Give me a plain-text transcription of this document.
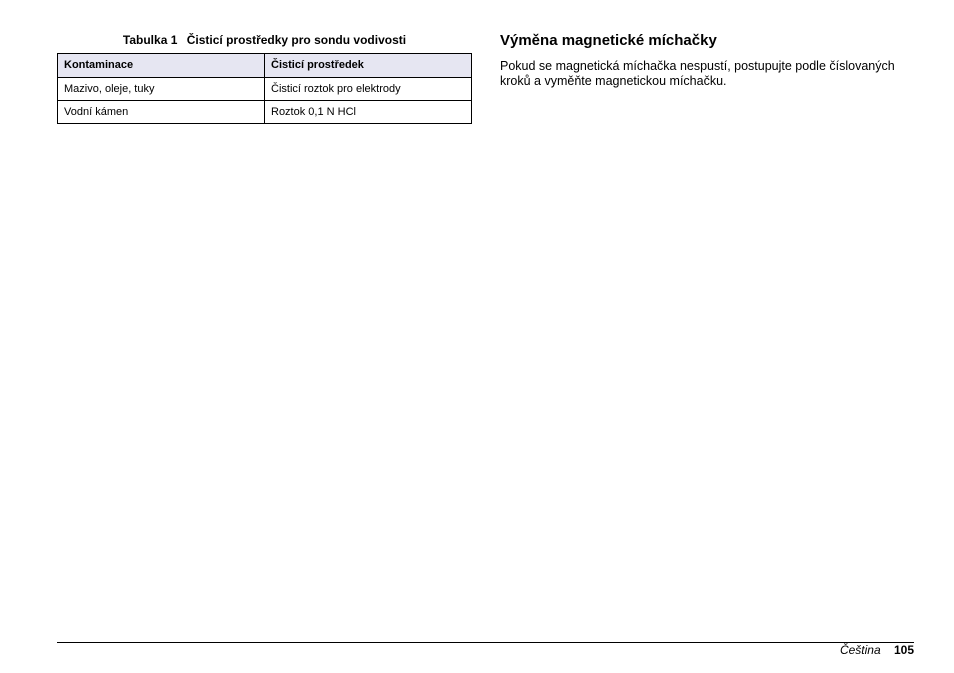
Tabulka 1 Čisticí prostředky pro sondu vodivosti
Kontaminace	Čisticí prostředek
Mazivo, oleje, tuky	Čisticí roztok pro elektrody
Vodní kámen	Roztok 0,1 N HCl
Výměna magnetické míchačky

Pokud se magnetická míchačka nespustí, postupujte podle číslovaných kroků a vyměňte magnetickou míchačku.

Čeština 105
